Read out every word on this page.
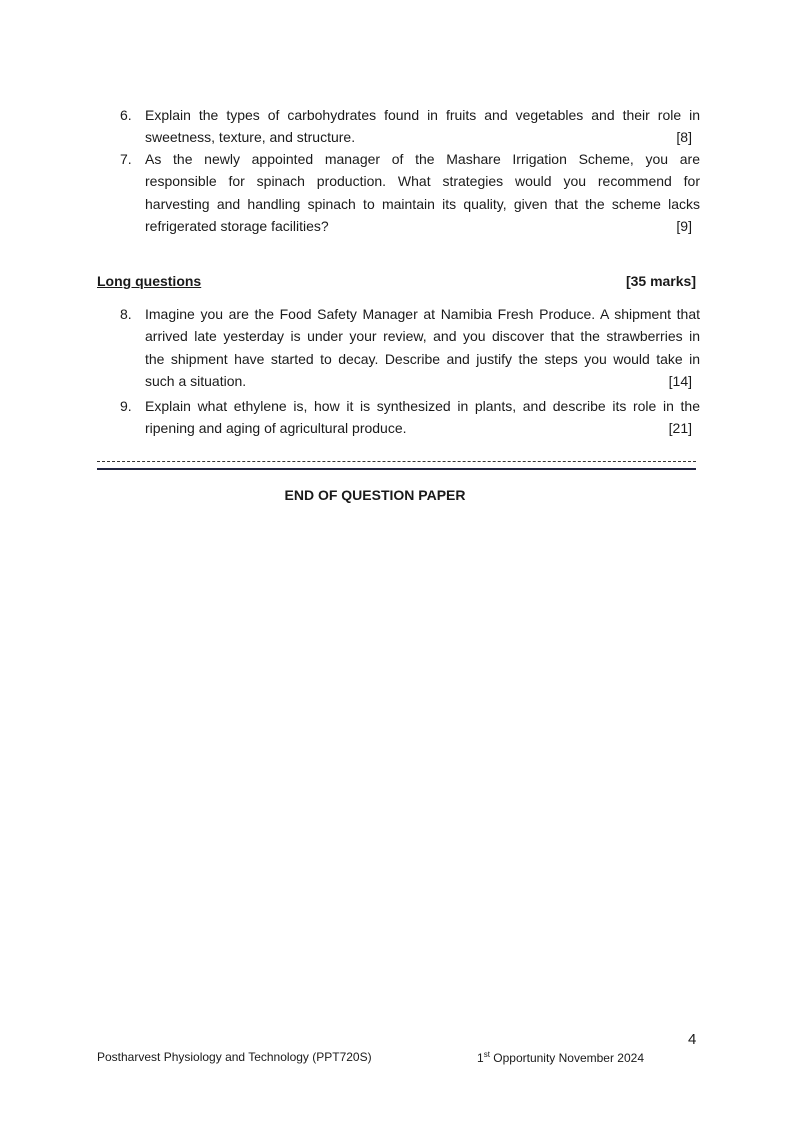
6. Explain the types of carbohydrates found in fruits and vegetables and their role in
sweetness, texture, and structure.	[8]
7. As the newly appointed manager of the Mashare Irrigation Scheme, you are
responsible for spinach production. What strategies would you recommend for
harvesting and handling spinach to maintain its quality, given that the scheme lacks
refrigerated storage facilities?	[9]
Long questions	[35 marks]
8. Imagine you are the Food Safety Manager at Namibia Fresh Produce. A shipment that
arrived late yesterday is under your review, and you discover that the strawberries in
the shipment have started to decay. Describe and justify the steps you would take in
such a situation.	[14]
9. Explain what ethylene is, how it is synthesized in plants, and describe its role in the
ripening and aging of agricultural produce.	[21]
END OF QUESTION PAPER
4
Postharvest Physiology and Technology (PPT720S)	1st Opportunity November 2024
